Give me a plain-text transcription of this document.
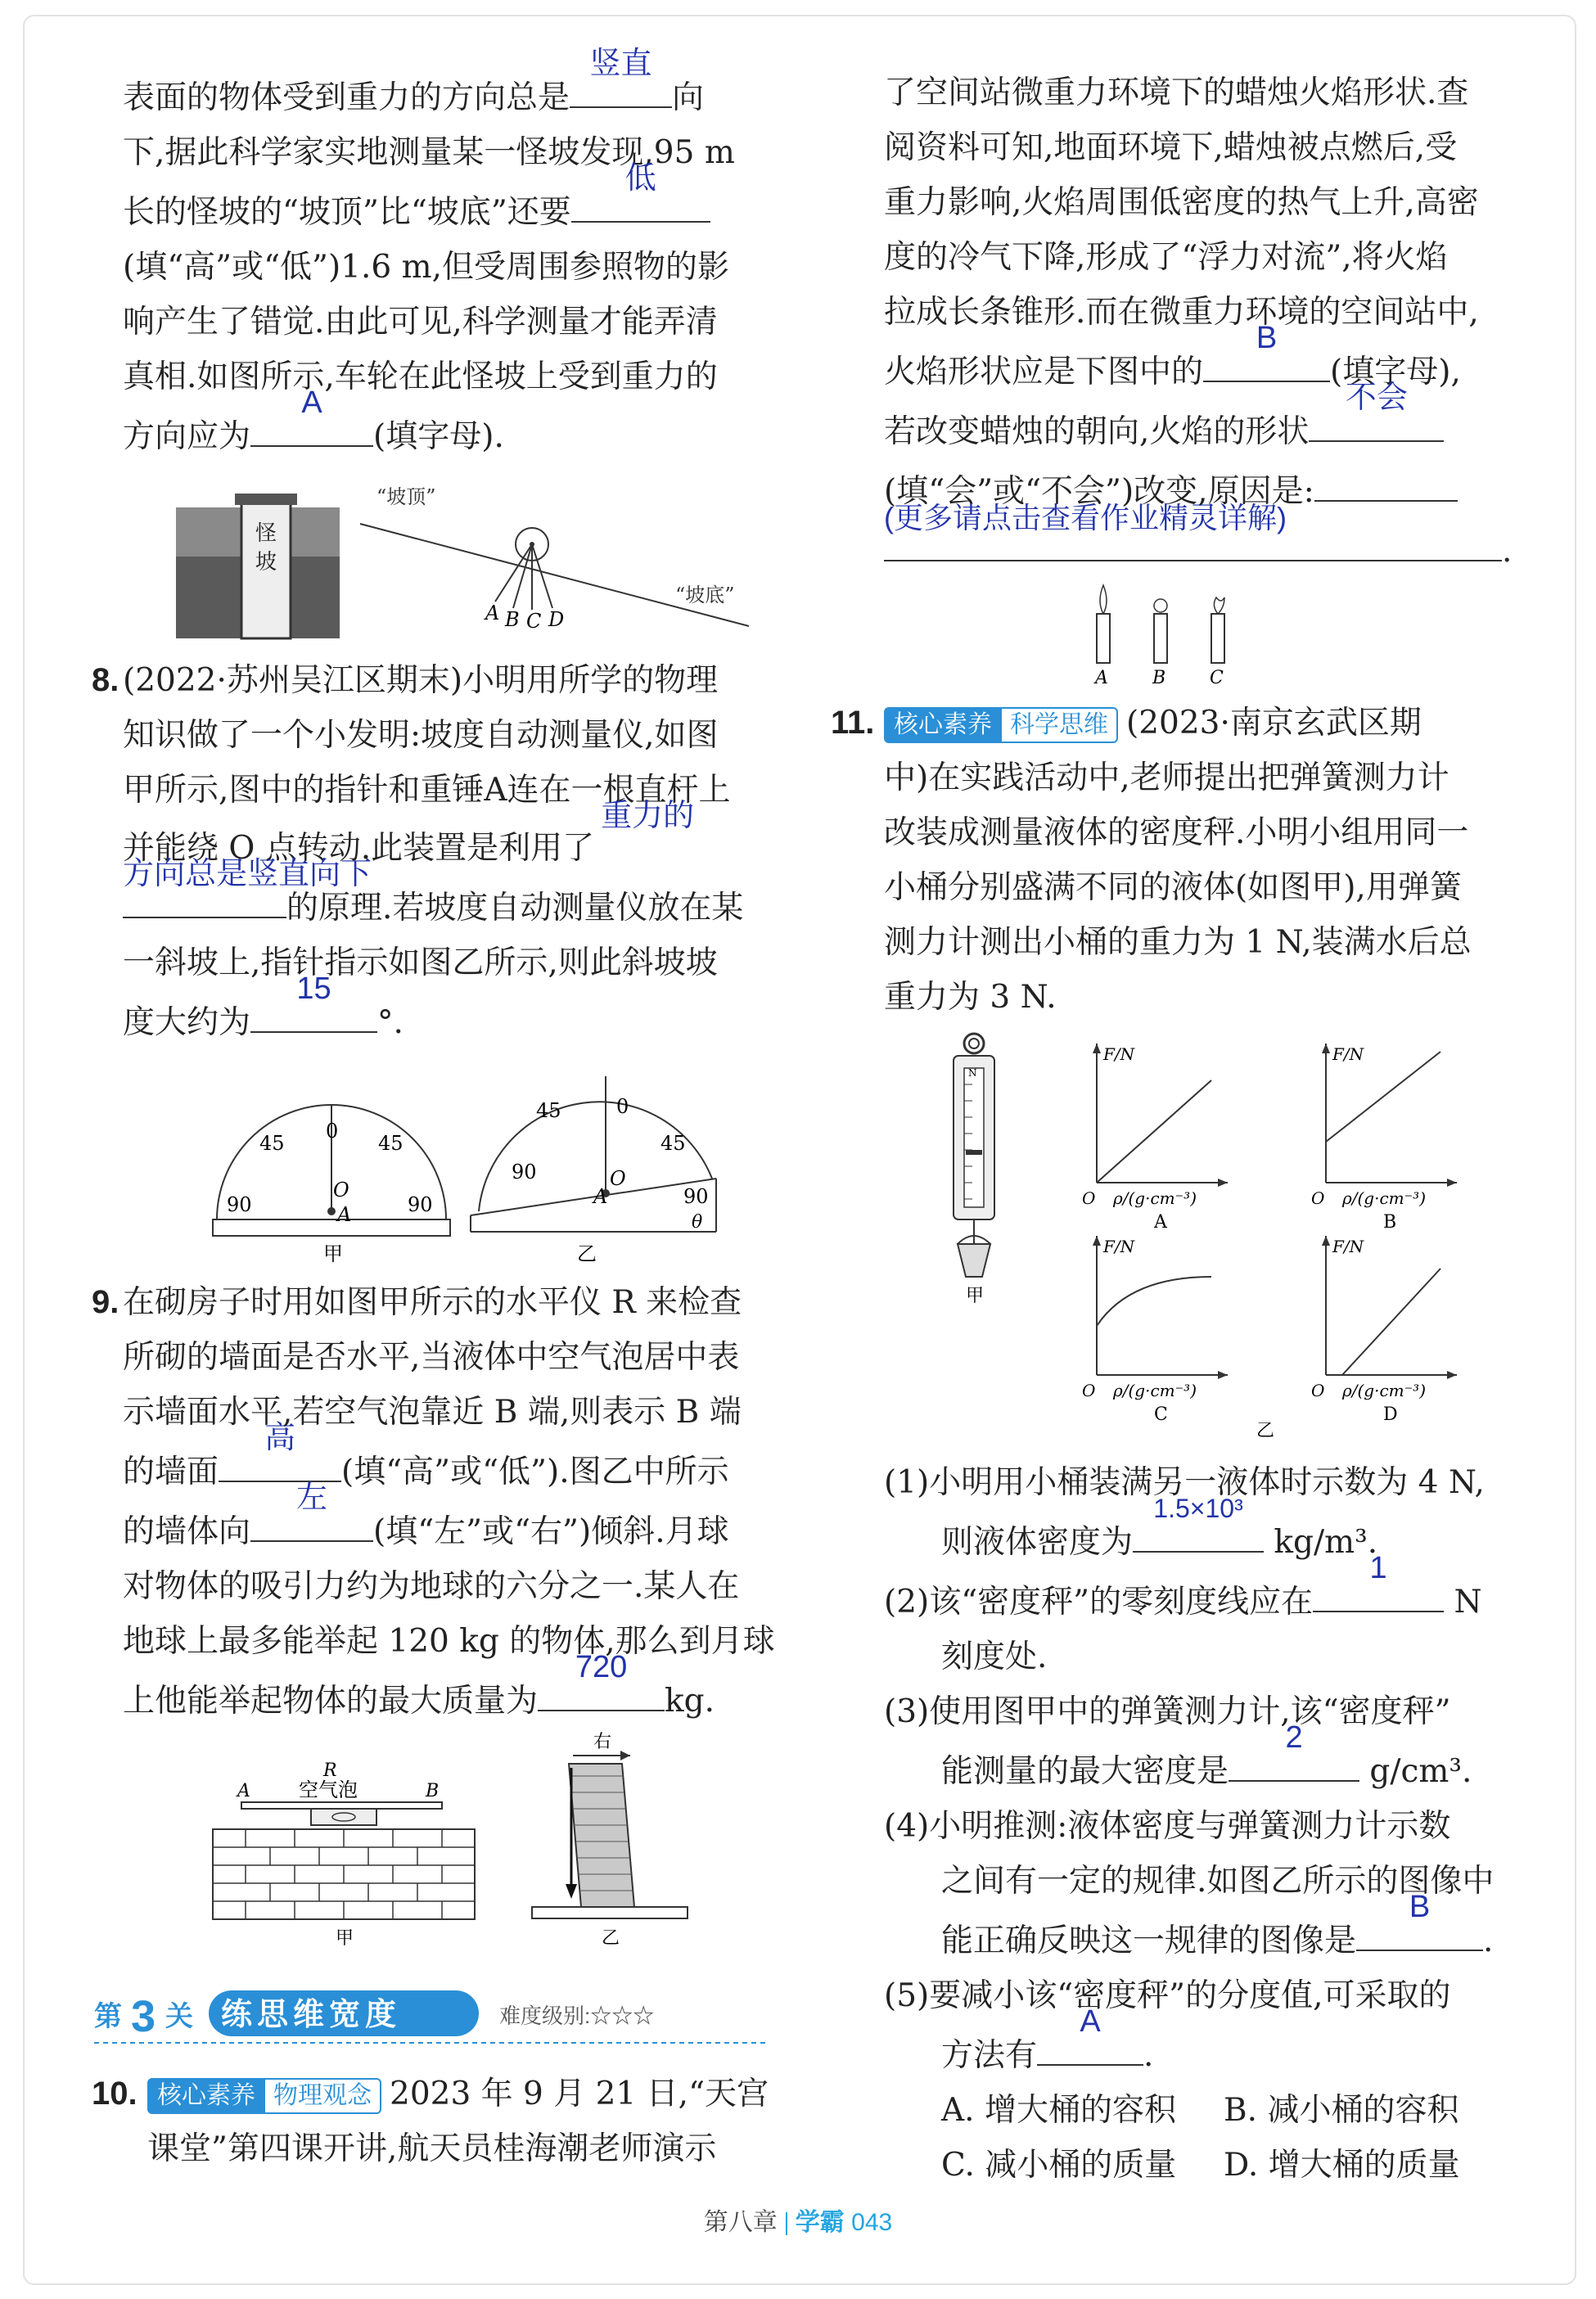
表面的物体受到重力的方向总是
竖直
向
下,据此科学家实地测量某一怪坡发现,95 m
长的怪坡的“坡顶”比“坡底”还要
低
(填“高”或“低”)1.6 m,但受周围参照物的影
响产生了错觉.由此可见,科学测量才能弄清
真相.如图所示,车轮在此怪坡上受到重力的
方向应为
A
(填字母).
怪
坡
“坡顶”
“坡底”
A B C D
8. (2022·苏州吴江区期末)小明用所学的物理
知识做了一个小发明:坡度自动测量仪,如图
甲所示,图中的指针和重锤A连在一根直杆上
并能绕 O 点转动.此装置是利用了
重力的
方向总是竖直向下
的原理.若坡度自动测量仪放在某
一斜坡上,指针指示如图乙所示,则此斜坡坡
度大约为
15
°.
0
45	45
90	90
O
A
甲
0
45
45
90
90
O
A
θ
乙
9. 在砌房子时用如图甲所示的水平仪 R 来检查
所砌的墙面是否水平,当液体中空气泡居中表
示墙面水平,若空气泡靠近 B 端,则表示 B 端
的墙面
高
(填“高”或“低”).图乙中所示
的墙体向
左
(填“左”或“右”)倾斜.月球
对物体的吸引力约为地球的六分之一.某人在
地球上最多能举起 120 kg 的物体,那么到月球
上他能举起物体的最大质量为
720
kg.
R
空气泡
A	B
甲
右
乙
第 3 关 练思维宽度	难度级别:☆☆☆
10. 核心素养 物理观念 2023 年 9 月 21 日,“天宫
课堂”第四课开讲,航天员桂海潮老师演示
了空间站微重力环境下的蜡烛火焰形状.查
阅资料可知,地面环境下,蜡烛被点燃后,受
重力影响,火焰周围低密度的热气上升,高密
度的冷气下降,形成了“浮力对流”,将火焰
拉成长条锥形.而在微重力环境的空间站中,
火焰形状应是下图中的
B
(填字母),
若改变蜡烛的朝向,火焰的形状
不会
(填“会”或“不会”)改变,原因是:
(更多请点击查看作业精灵详解)
.
A B C
11. 核心素养 科学思维 (2023·南京玄武区期
中)在实践活动中,老师提出把弹簧测力计
改装成测量液体的密度秤.小明小组用同一
小桶分别盛满不同的液体(如图甲),用弹簧
测力计测出小桶的重力为 1 N,装满水后总
重力为 3 N.
N
甲
F/N
O ρ/(g·cm⁻³)
A
F/N
O ρ/(g·cm⁻³)
B
F/N
O ρ/(g·cm⁻³)
C
F/N
O ρ/(g·cm⁻³)
D
乙
(1)小明用小桶装满另一液体时示数为 4 N,
则液体密度为
1.5×10³
kg/m³.
(2)该“密度秤”的零刻度线应在
1
N
刻度处.
(3)使用图甲中的弹簧测力计,该“密度秤”
能测量的最大密度是
2
g/cm³.
(4)小明推测:液体密度与弹簧测力计示数
之间有一定的规律.如图乙所示的图像中
能正确反映这一规律的图像是
B
.
(5)要减小该“密度秤”的分度值,可采取的
方法有
A
.
A. 增大桶的容积 B. 减小桶的容积
C. 减小桶的质量 D. 增大桶的质量
第八章 学霸 043
